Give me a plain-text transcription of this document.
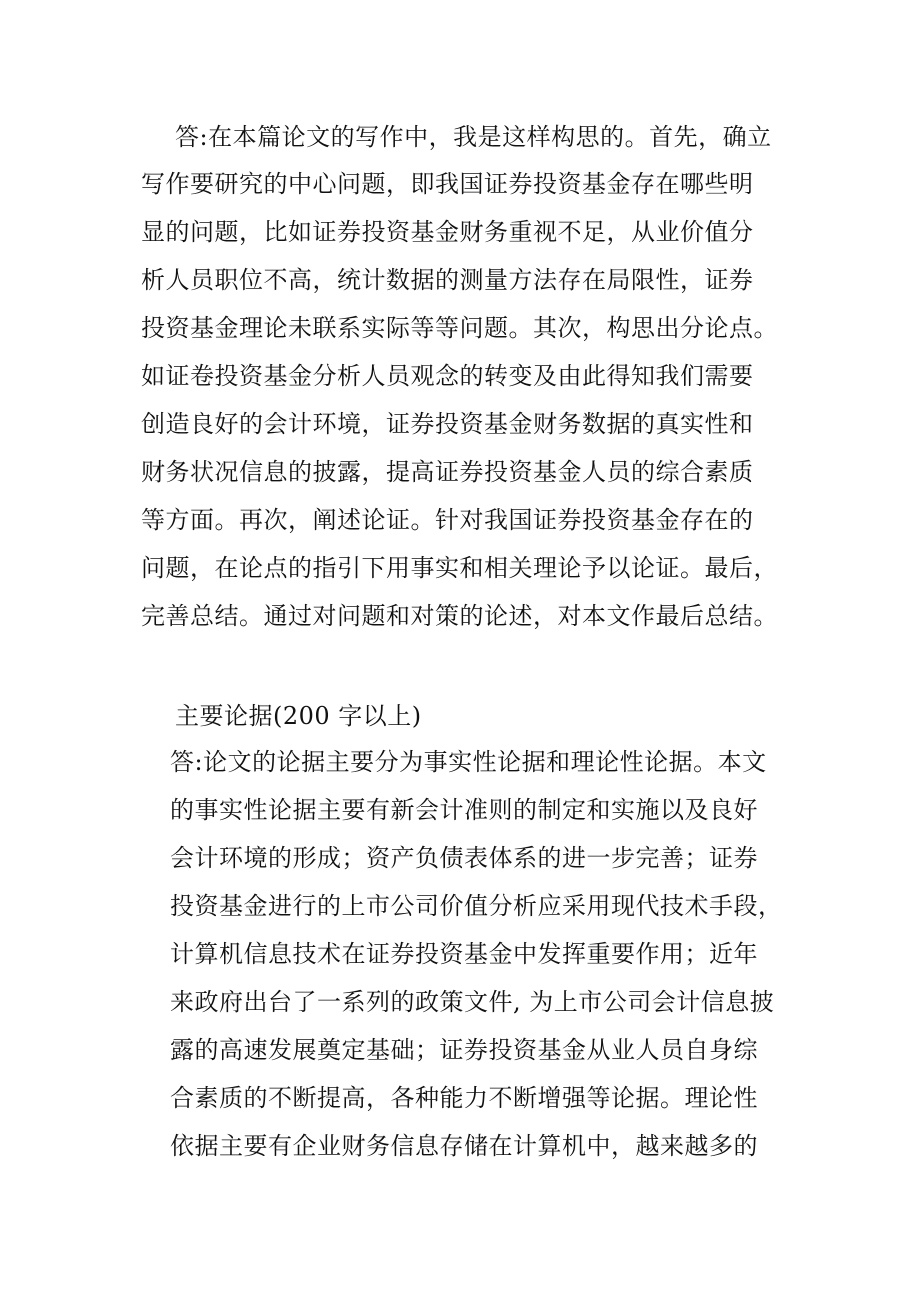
答:在本篇论文的写作中，我是这样构思的。首先，确立
写作要研究的中心问题，即我国证券投资基金存在哪些明
显的问题，比如证券投资基金财务重视不足，从业价值分
析人员职位不高，统计数据的测量方法存在局限性，证券
投资基金理论未联系实际等等问题。其次，构思出分论点。
如证卷投资基金分析人员观念的转变及由此得知我们需要
创造良好的会计环境，证券投资基金财务数据的真实性和
财务状况信息的披露，提高证券投资基金人员的综合素质
等方面。再次，阐述论证。针对我国证券投资基金存在的
问题，在论点的指引下用事实和相关理论予以论证。最后，
完善总结。通过对问题和对策的论述，对本文作最后总结。
主要论据(200 字以上)
答:论文的论据主要分为事实性论据和理论性论据。本文
的事实性论据主要有新会计准则的制定和实施以及良好
会计环境的形成；资产负债表体系的进一步完善；证券
投资基金进行的上市公司价值分析应采用现代技术手段，
计算机信息技术在证券投资基金中发挥重要作用；近年
来政府出台了一系列的政策文件, 为上市公司会计信息披
露的高速发展奠定基础；证券投资基金从业人员自身综
合素质的不断提高，各种能力不断增强等论据。理论性
依据主要有企业财务信息存储在计算机中，越来越多的
